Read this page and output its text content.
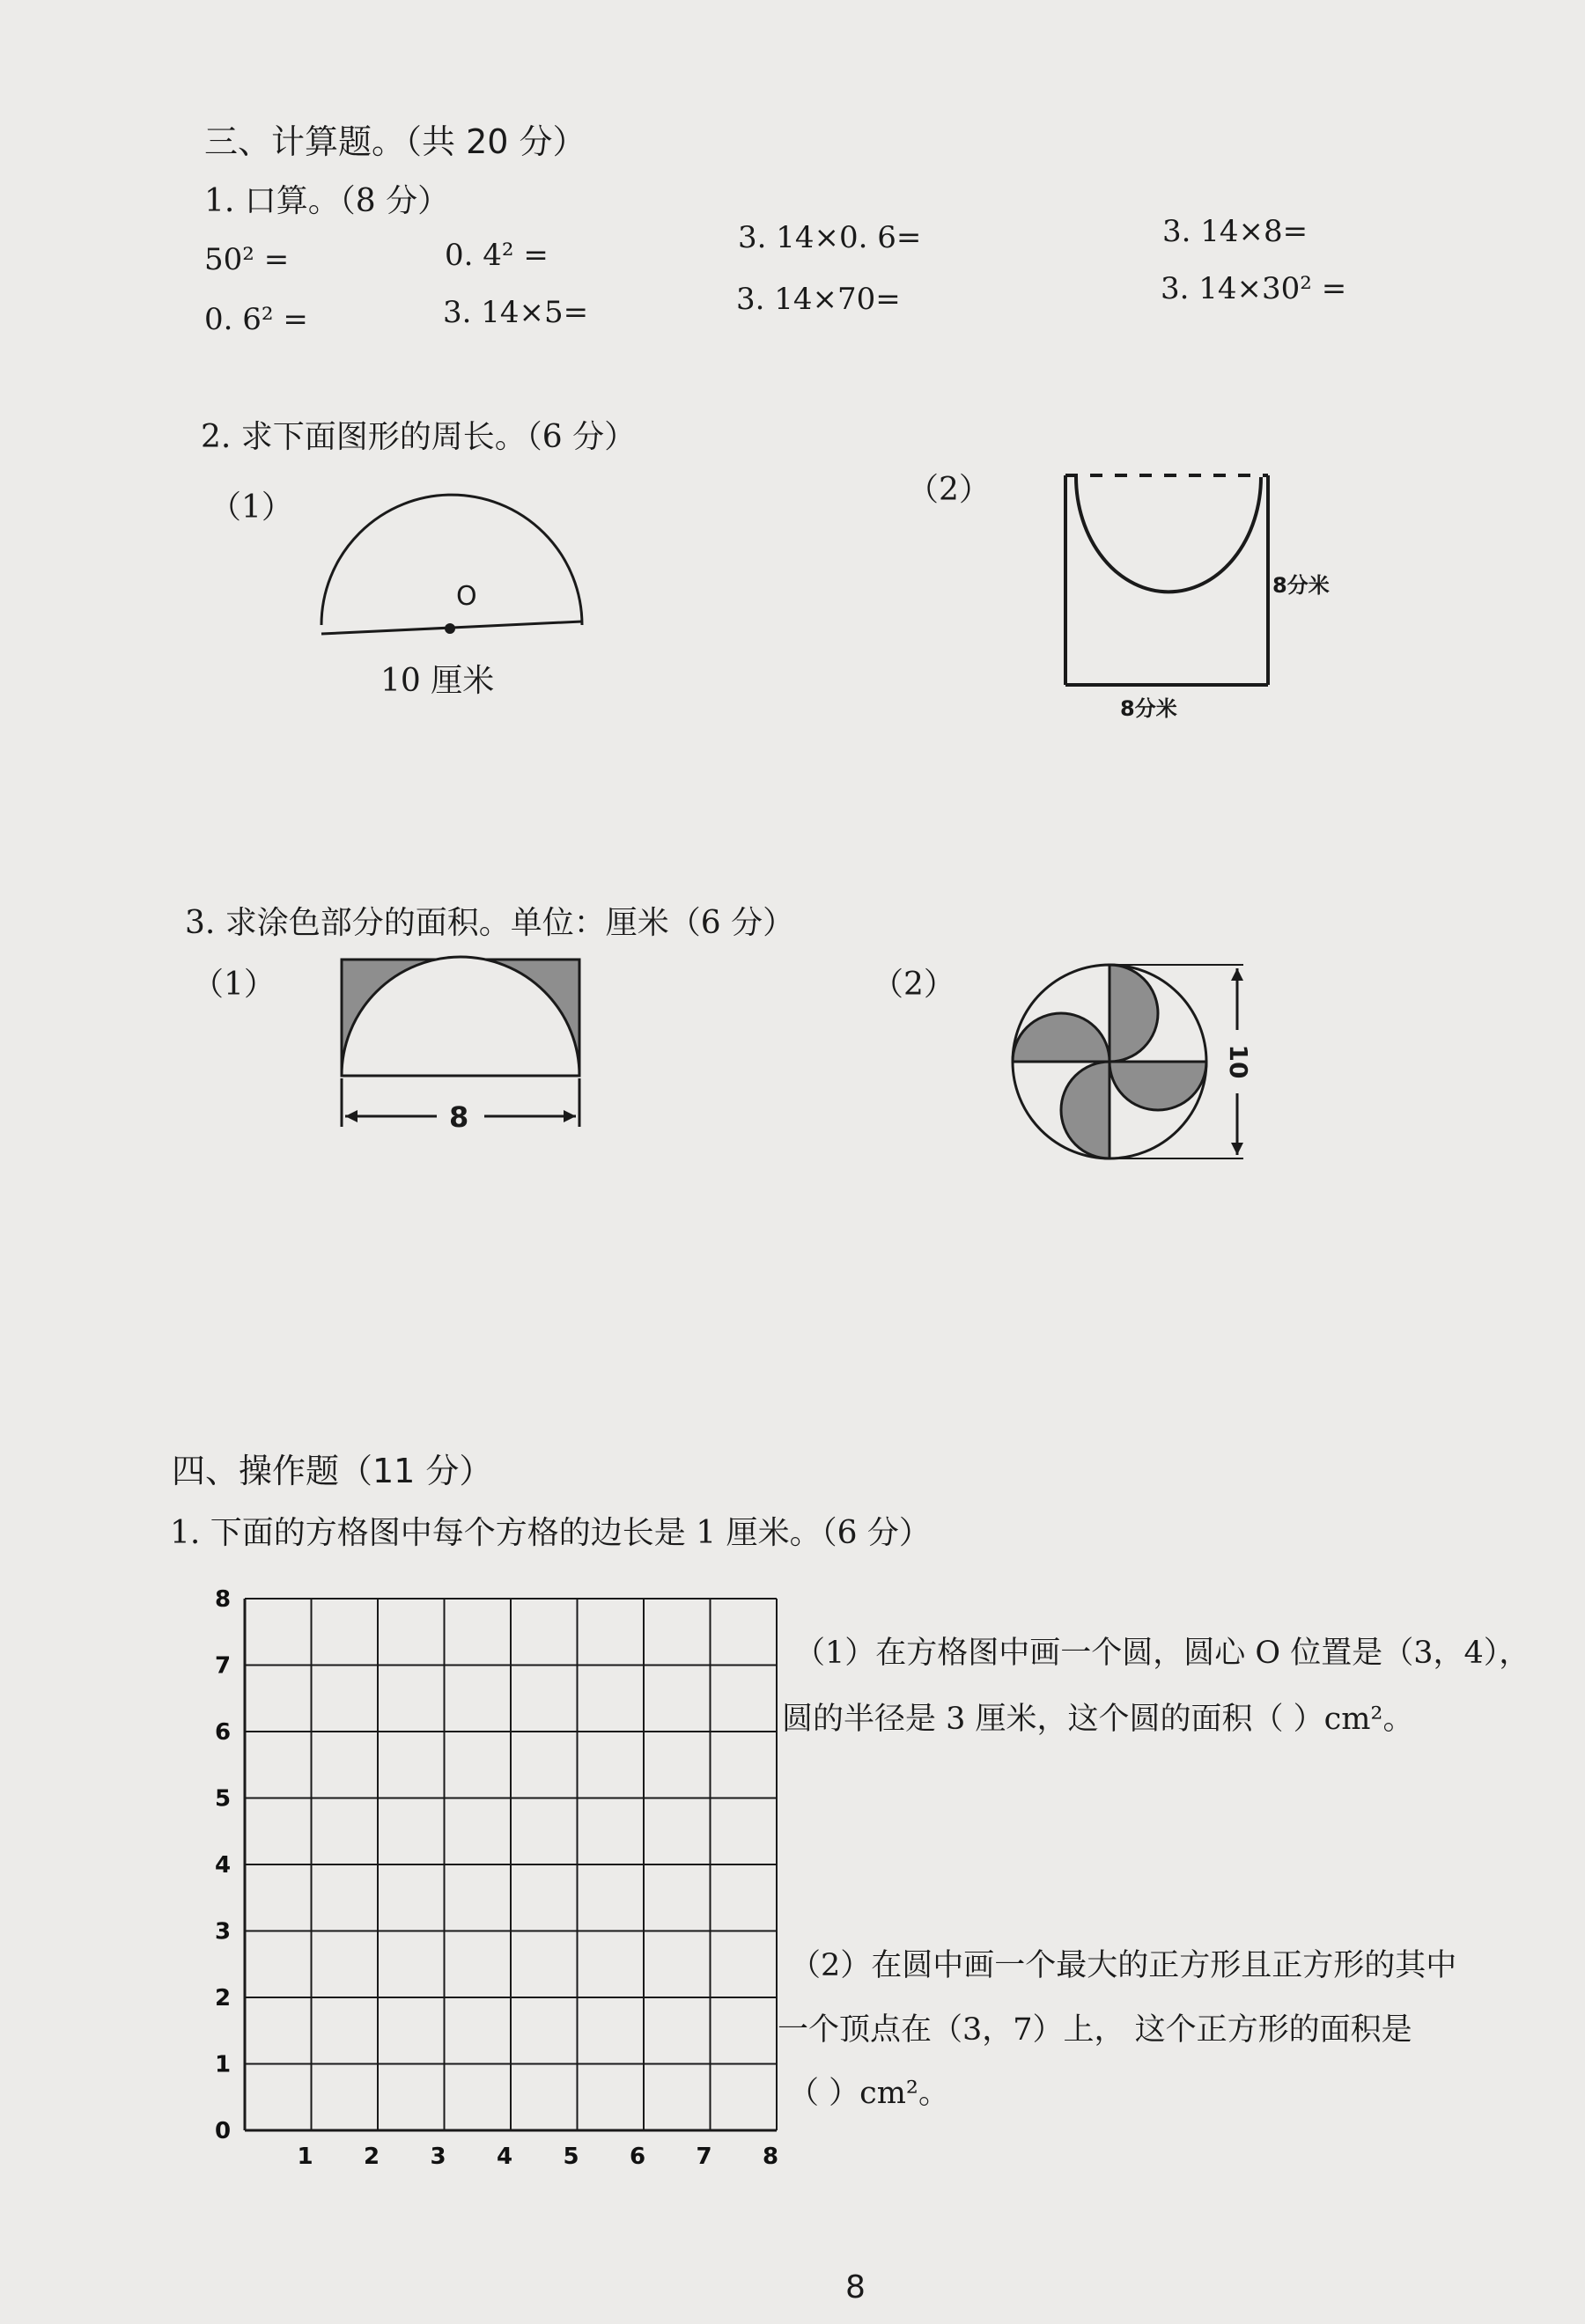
三、计算题。（共 20 分）
1. 口算。（8 分）
50² =	0. 4² =	3. 14×0. 6=	3. 14×8=
0. 6² =	3. 14×5=	3. 14×70=	3. 14×30² =
2. 求下面图形的周长。（6 分）
（1）	（2）
O
10 厘米
8分米
8分米
3. 求涂色部分的面积。单位：厘米（6 分）
（1）	（2）
8
10
四、操作题（11 分）
1. 下面的方格图中每个方格的边长是 1 厘米。（6 分）
1 2 3 4 5 6 7 8
0
1
2
3
4
5
6
7
8
（1）在方格图中画一个圆，圆心 O 位置是（3，4），
圆的半径是 3 厘米，这个圆的面积（ ）cm²。
（2）在圆中画一个最大的正方形且正方形的其中
一个顶点在（3，7）上， 这个正方形的面积是
（ ）cm²。
8
